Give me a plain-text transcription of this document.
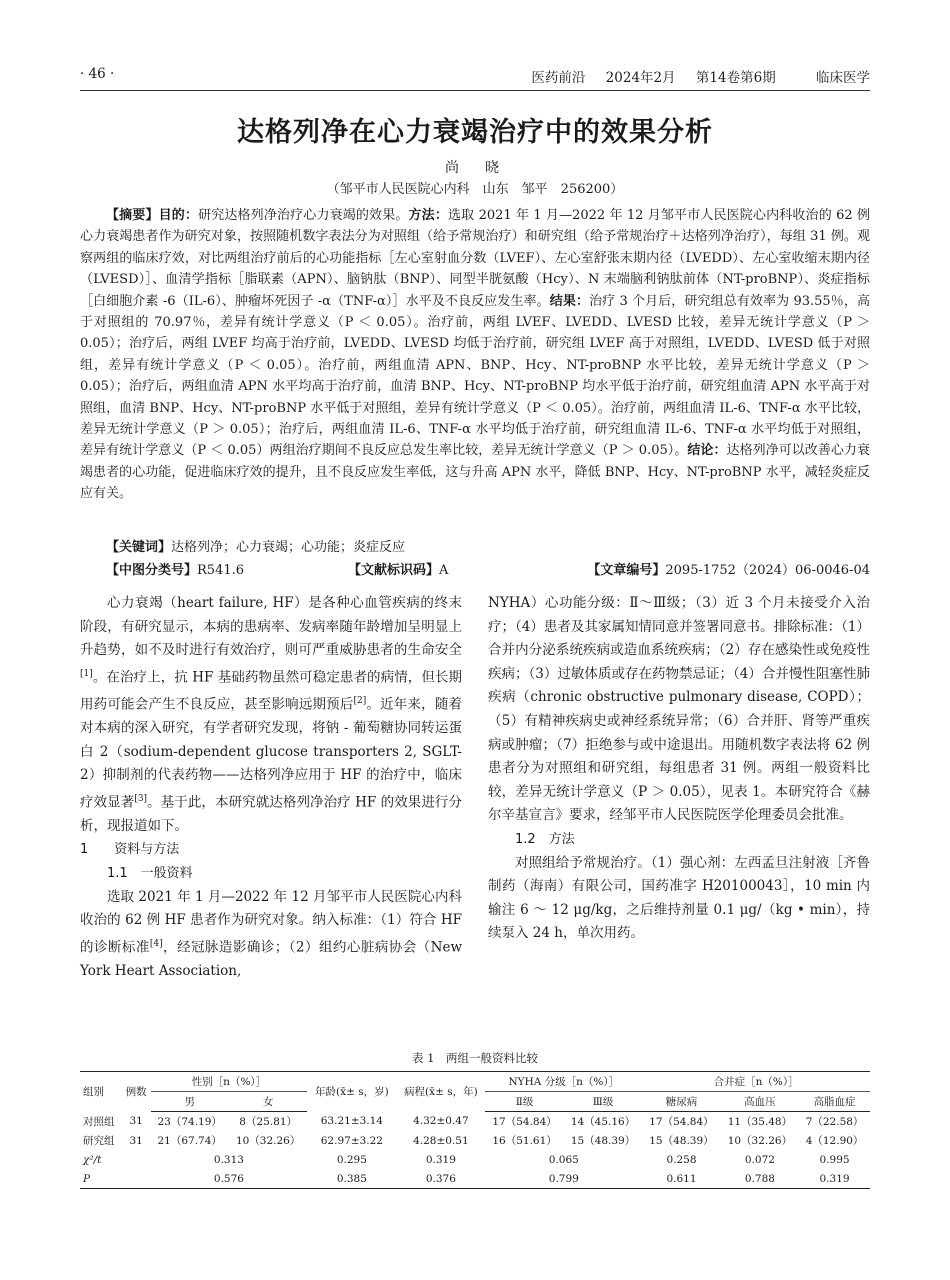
· 46 ·	医药前沿 2024年2月 第14卷第6期	临床医学
达格列净在心力衰竭治疗中的效果分析
尚　晓
（邹平市人民医院心内科　山东　邹平　256200）
【摘要】目的：研究达格列净治疗心力衰竭的效果。方法：选取 2021 年 1 月—2022 年 12 月邹平市人民医院心内科收治的 62 例心力衰竭患者作为研究对象，按照随机数字表法分为对照组（给予常规治疗）和研究组（给予常规治疗＋达格列净治疗），每组 31 例。观察两组的临床疗效，对比两组治疗前后的心功能指标［左心室射血分数（LVEF）、左心室舒张末期内径（LVEDD）、左心室收缩末期内径（LVESD）］、血清学指标［脂联素（APN）、脑钠肽（BNP）、同型半胱氨酸（Hcy）、N 末端脑利钠肽前体（NT-proBNP）、炎症指标［白细胞介素 -6（IL-6）、肿瘤坏死因子 -α（TNF-α）］水平及不良反应发生率。结果：治疗 3 个月后，研究组总有效率为 93.55％，高于对照组的 70.97％，差异有统计学意义（P ＜ 0.05）。治疗前，两组 LVEF、LVEDD、LVESD 比较，差异无统计学意义（P ＞ 0.05）；治疗后，两组 LVEF 均高于治疗前，LVEDD、LVESD 均低于治疗前，研究组 LVEF 高于对照组，LVEDD、LVESD 低于对照组，差异有统计学意义（P ＜ 0.05）。治疗前，两组血清 APN、BNP、Hcy、NT-proBNP 水平比较，差异无统计学意义（P ＞ 0.05）；治疗后，两组血清 APN 水平均高于治疗前，血清 BNP、Hcy、NT-proBNP 均水平低于治疗前，研究组血清 APN 水平高于对照组，血清 BNP、Hcy、NT-proBNP 水平低于对照组，差异有统计学意义（P ＜ 0.05）。治疗前，两组血清 IL-6、TNF-α 水平比较，差异无统计学意义（P ＞ 0.05）；治疗后，两组血清 IL-6、TNF-α 水平均低于治疗前，研究组血清 IL-6、TNF-α 水平均低于对照组，差异有统计学意义（P ＜ 0.05）两组治疗期间不良反应总发生率比较，差异无统计学意义（P ＞ 0.05）。结论：达格列净可以改善心力衰竭患者的心功能，促进临床疗效的提升，且不良反应发生率低，这与升高 APN 水平，降低 BNP、Hcy、NT-proBNP 水平，减轻炎症反应有关。
【关键词】达格列净；心力衰竭；心功能；炎症反应
【中图分类号】R541.6	【文献标识码】A	【文章编号】2095-1752（2024）06-0046-04

心力衰竭（heart failure, HF）是各种心血管疾病的终末阶段，有研究显示，本病的患病率、发病率随年龄增加呈明显上升趋势，如不及时进行有效治疗，则可严重威胁患者的生命安全[1]。在治疗上，抗 HF 基础药物虽然可稳定患者的病情，但长期用药可能会产生不良反应，甚至影响远期预后[2]。近年来，随着对本病的深入研究，有学者研究发现，将钠 - 葡萄糖协同转运蛋白 2（sodium-dependent glucose transporters 2, SGLT-2）抑制剂的代表药物——达格列净应用于 HF 的治疗中，临床疗效显著[3]。基于此，本研究就达格列净治疗 HF 的效果进行分析，现报道如下。

1　　资料与方法

1.1　一般资料

选取 2021 年 1 月—2022 年 12 月邹平市人民医院心内科收治的 62 例 HF 患者作为研究对象。纳入标准：（1）符合 HF 的诊断标准[4]，经冠脉造影确诊；（2）组约心脏病协会（New York Heart Association,

NYHA）心功能分级：Ⅱ～Ⅲ级；（3）近 3 个月未接受介入治疗；（4）患者及其家属知情同意并签署同意书。排除标准：（1）合并内分泌系统疾病或造血系统疾病；（2）存在感染性或免疫性疾病；（3）过敏体质或存在药物禁忌证；（4）合并慢性阻塞性肺疾病（chronic obstructive pulmonary disease, COPD）；（5）有精神疾病史或神经系统异常；（6）合并肝、肾等严重疾病或肿瘤；（7）拒绝参与或中途退出。用随机数字表法将 62 例患者分为对照组和研究组，每组患者 31 例。两组一般资料比较，差异无统计学意义（P ＞ 0.05），见表 1。本研究符合《赫尔辛基宣言》要求，经邹平市人民医院医学伦理委员会批准。

1.2　方法

对照组给予常规治疗。（1）强心剂：左西孟旦注射液［齐鲁制药（海南）有限公司，国药准字 H20100043］，10 min 内输注 6 ～ 12 μg/kg，之后维持剂量 0.1 μg/（kg • min），持续泵入 24 h，单次用药。

表 1　两组一般资料比较
组别	例数	性别［n（%）］		年龄(x̄± s，岁)	病程(x̄± s，年)	NYHA 分级［n（%）］		合并症［n（%）］		
		男	女			Ⅱ级	Ⅲ级	糖尿病	高血压	高脂血症
对照组	31	23（74.19）	8（25.81）	63.21±3.14	4.32±0.47	17（54.84）	14（45.16）	17（54.84）	11（35.48）	7（22.58）
研究组	31	21（67.74）	10（32.26）	62.97±3.22	4.28±0.51	16（51.61）	15（48.39）	15（48.39）	10（32.26）	4（12.90）
χ²/t		0.313		0.295	0.319	0.065		0.258	0.072	0.995
P		0.576		0.385	0.376	0.799		0.611	0.788	0.319
